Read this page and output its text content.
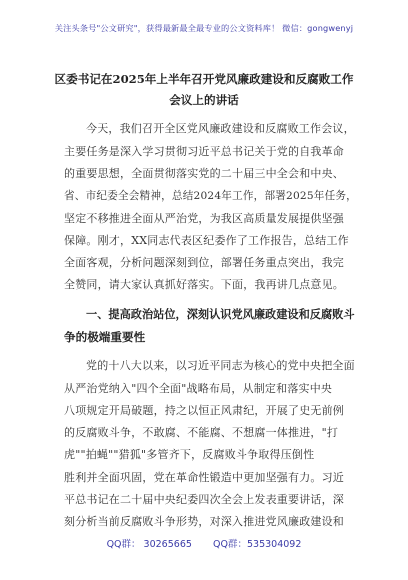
关注头条号"公文研究"，获得最新最全最专业的公文资料库！ 微信：gongwenyj
区委书记在2025年上半年召开党风廉政建设和反腐败工作
会议上的讲话
今天，我们召开全区党风廉政建设和反腐败工作会议，
主要任务是深入学习贯彻习近平总书记关于党的自我革命
的重要思想，全面贯彻落实党的二十届三中全会和中央、
省、市纪委全会精神，总结2024年工作，部署2025年任务，
坚定不移推进全面从严治党，为我区高质量发展提供坚强
保障。刚才，XX同志代表区纪委作了工作报告，总结工作
全面客观，分析问题深刻到位，部署任务重点突出，我完
全赞同，请大家认真抓好落实。下面，我再讲几点意见。
一、提高政治站位，深刻认识党风廉政建设和反腐败斗
争的极端重要性
党的十八大以来，以习近平同志为核心的党中央把全面
从严治党纳入"四个全面"战略布局，从制定和落实中央
八项规定开局破题，持之以恒正风肃纪，开展了史无前例
的反腐败斗争，不敢腐、不能腐、不想腐一体推进，"打
虎""拍蝇""猎狐"多管齐下，反腐败斗争取得压倒性
胜利并全面巩固，党在革命性锻造中更加坚强有力。习近
平总书记在二十届中央纪委四次全会上发表重要讲话，深
刻分析当前反腐败斗争形势，对深入推进党风廉政建设和
QQ群： 30265665       QQ群：535304092
